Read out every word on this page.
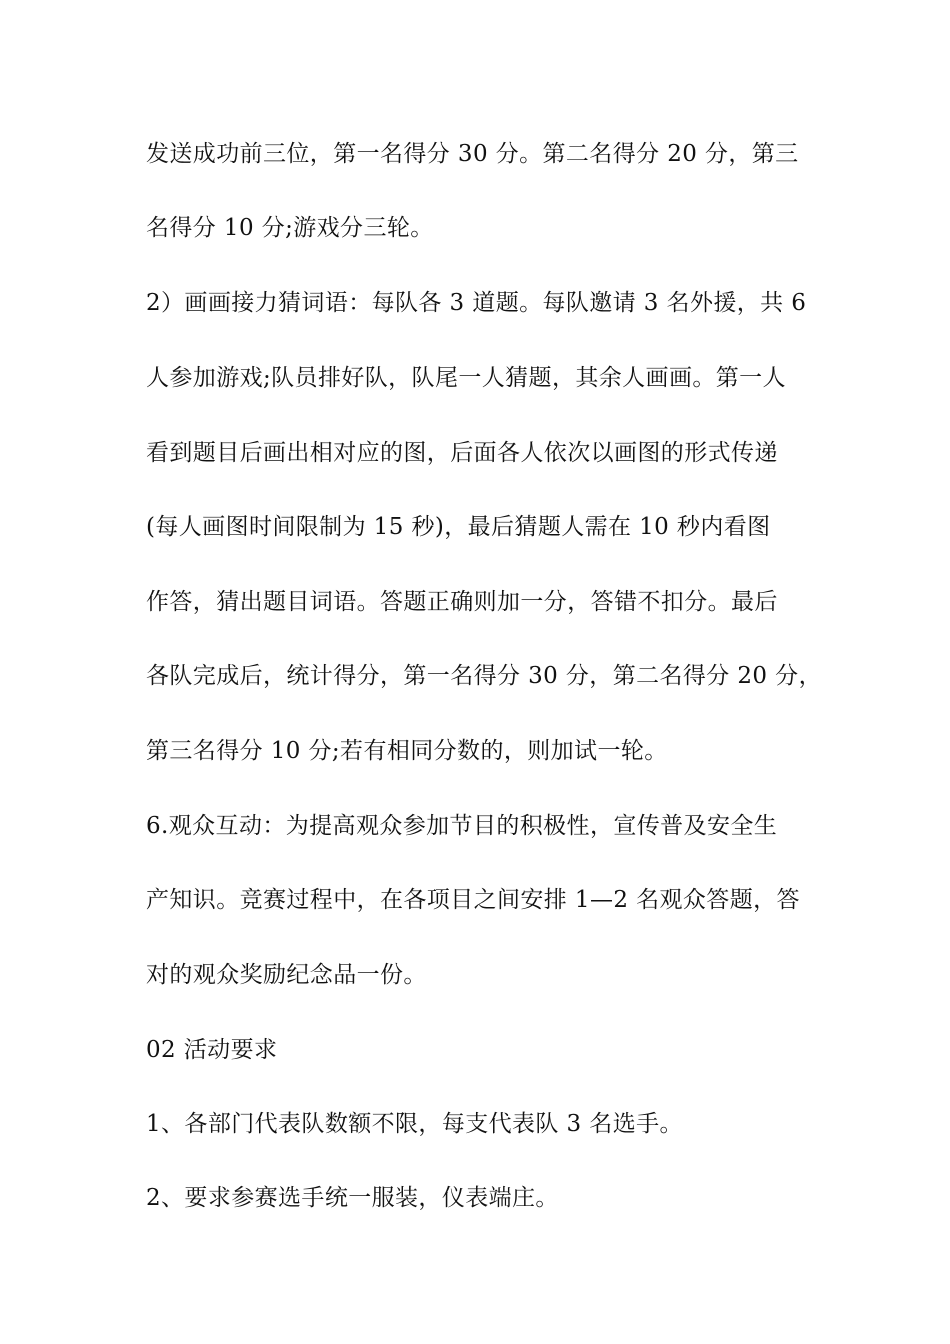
发送成功前三位，第一名得分 30 分。第二名得分 20 分，第三
名得分 10 分;游戏分三轮。
2）画画接力猜词语：每队各 3 道题。每队邀请 3 名外援，共 6
人参加游戏;队员排好队，队尾一人猜题，其余人画画。第一人
看到题目后画出相对应的图，后面各人依次以画图的形式传递
(每人画图时间限制为 15 秒)，最后猜题人需在 10 秒内看图
作答，猜出题目词语。答题正确则加一分，答错不扣分。最后
各队完成后，统计得分，第一名得分 30 分，第二名得分 20 分，
第三名得分 10 分;若有相同分数的，则加试一轮。
6.观众互动：为提高观众参加节目的积极性，宣传普及安全生
产知识。竞赛过程中，在各项目之间安排 1—2 名观众答题，答
对的观众奖励纪念品一份。
02 活动要求
1、各部门代表队数额不限，每支代表队 3 名选手。
2、要求参赛选手统一服装，仪表端庄。
